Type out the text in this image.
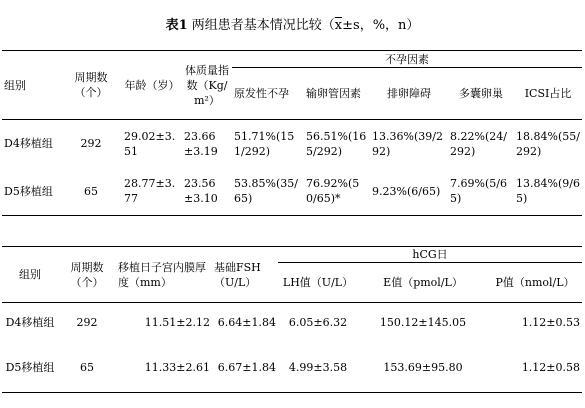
表1 两组患者基本情况比较（$\overline{x}\pm s$，%，n）
组别	周期数（个）	年龄（岁）	体质量指数（Kg/m²）	不孕因素				
				原发性不孕	输卵管因素	排卵障碍	多囊卵巢	ICSI占比
D4移植组	292	29.02±3.51	23.66±3.19	51.71%(151/292)	56.51%(165/292)	13.36%(39/292)	8.22%(24/292)	18.84%(55/292)
D5移植组	65	28.77±3.77	23.56±3.10	53.85%(35/65)	76.92%(50/65)*	9.23%(6/65)	7.69%(5/65)	13.84%(9/65)
组别	周期数（个）	移植日子宫内膜厚度（mm）	基础FSH（U/L）	hCG日		
				LH值（U/L）	E值（pmol/L）	P值（nmol/L）
D4移植组	292	11.51±2.12	6.64±1.84	6.05±6.32	150.12±145.05	1.12±0.53
D5移植组	65	11.33±2.61	6.67±1.84	4.99±3.58	153.69±95.80	1.12±0.58
